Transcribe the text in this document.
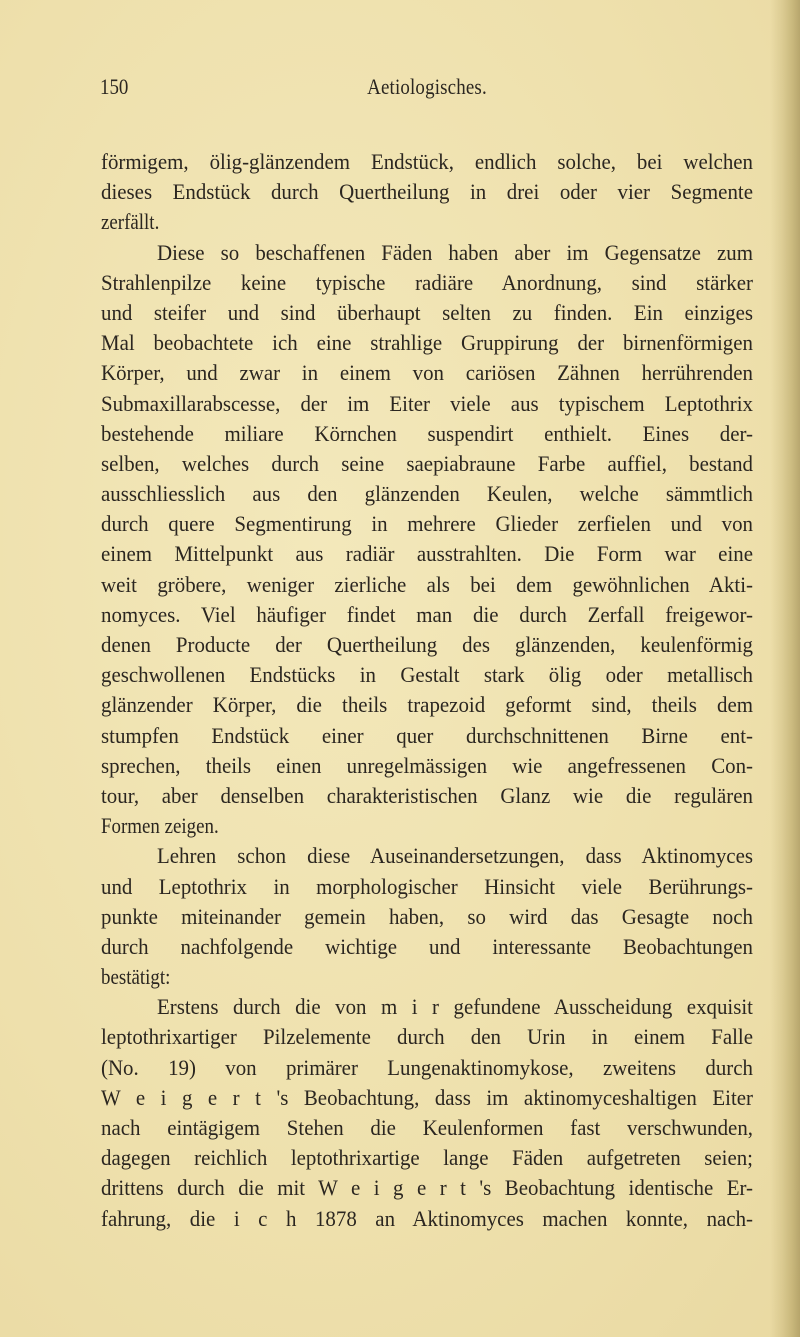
150	Aetiologisches.
förmigem, ölig-glänzendem Endstück, endlich solche, bei welchen
dieses Endstück durch Quertheilung in drei oder vier Segmente
zerfällt.
Diese so beschaffenen Fäden haben aber im Gegensatze zum
Strahlenpilze keine typische radiäre Anordnung, sind stärker
und steifer und sind überhaupt selten zu finden. Ein einziges
Mal beobachtete ich eine strahlige Gruppirung der birnenförmigen
Körper, und zwar in einem von cariösen Zähnen herrührenden
Submaxillarabscesse, der im Eiter viele aus typischem Leptothrix
bestehende miliare Körnchen suspendirt enthielt. Eines der-
selben, welches durch seine saepiabraune Farbe auffiel, bestand
ausschliesslich aus den glänzenden Keulen, welche sämmtlich
durch quere Segmentirung in mehrere Glieder zerfielen und von
einem Mittelpunkt aus radiär ausstrahlten. Die Form war eine
weit gröbere, weniger zierliche als bei dem gewöhnlichen Akti-
nomyces. Viel häufiger findet man die durch Zerfall freigewor-
denen Producte der Quertheilung des glänzenden, keulenförmig
geschwollenen Endstücks in Gestalt stark ölig oder metallisch
glänzender Körper, die theils trapezoid geformt sind, theils dem
stumpfen Endstück einer quer durchschnittenen Birne ent-
sprechen, theils einen unregelmässigen wie angefressenen Con-
tour, aber denselben charakteristischen Glanz wie die regulären
Formen zeigen.
Lehren schon diese Auseinandersetzungen, dass Aktinomyces
und Leptothrix in morphologischer Hinsicht viele Berührungs-
punkte miteinander gemein haben, so wird das Gesagte noch
durch nachfolgende wichtige und interessante Beobachtungen
bestätigt:
Erstens durch die von m i r gefundene Ausscheidung exquisit
leptothrixartiger Pilzelemente durch den Urin in einem Falle
(No. 19) von primärer Lungenaktinomykose, zweitens durch
W e i g e r t 's Beobachtung, dass im aktinomyceshaltigen Eiter
nach eintägigem Stehen die Keulenformen fast verschwunden,
dagegen reichlich leptothrixartige lange Fäden aufgetreten seien;
drittens durch die mit W e i g e r t 's Beobachtung identische Er-
fahrung, die i c h 1878 an Aktinomyces machen konnte, nach-
